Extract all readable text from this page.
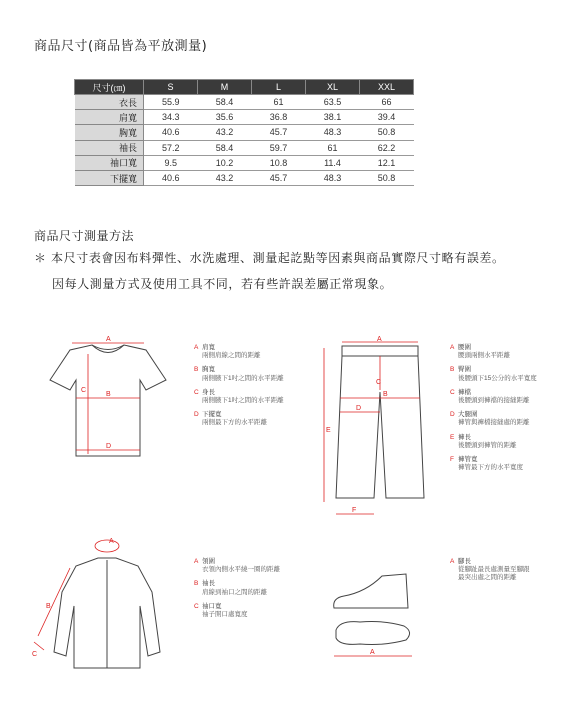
商品尺寸(商品皆為平放測量)
尺寸(㎝)	S	M	L	XL	XXL
衣長	55.9	58.4	61	63.5	66
肩寬	34.3	35.6	36.8	38.1	39.4
胸寬	40.6	43.2	45.7	48.3	50.8
袖長	57.2	58.4	59.7	61	62.2
袖口寬	9.5	10.2	10.8	11.4	12.1
下擺寬	40.6	43.2	45.7	48.3	50.8
商品尺寸測量方法
＊ 本尺寸表會因布料彈性、水洗處理、測量起訖點等因素與商品實際尺寸略有誤差。
因每人測量方式及使用工具不同，若有些許誤差屬正常現象。
A
B
C
D
A 肩寬
兩側肩線之間的距離
B 胸寬
兩側腋下1吋之間的水平距離
C 身長
兩側腋下1吋之間的水平距離
D 下擺寬
兩側最下方的水平距離
A
B
C
D
E
F
A 腰圍
腰頭兩側水平距離
B 臀圍
後腰頭下15公分的水平寬度
C 褲檔
後腰頭到褲襠的接縫距離
D 大腿圍
褲管與褲檔接縫處的距離
E 褲長
後腰頭到褲管的距離
F 褲管寬
褲管最下方的水平寬度
A
B
C
A 領圍
衣領內側水平繞一圈的距離
B 袖長
肩線到袖口之間的距離
C 袖口寬
袖子開口處寬度
A
A 腳長
從腳趾最長處測量至腳跟
最突出處之間的距離
